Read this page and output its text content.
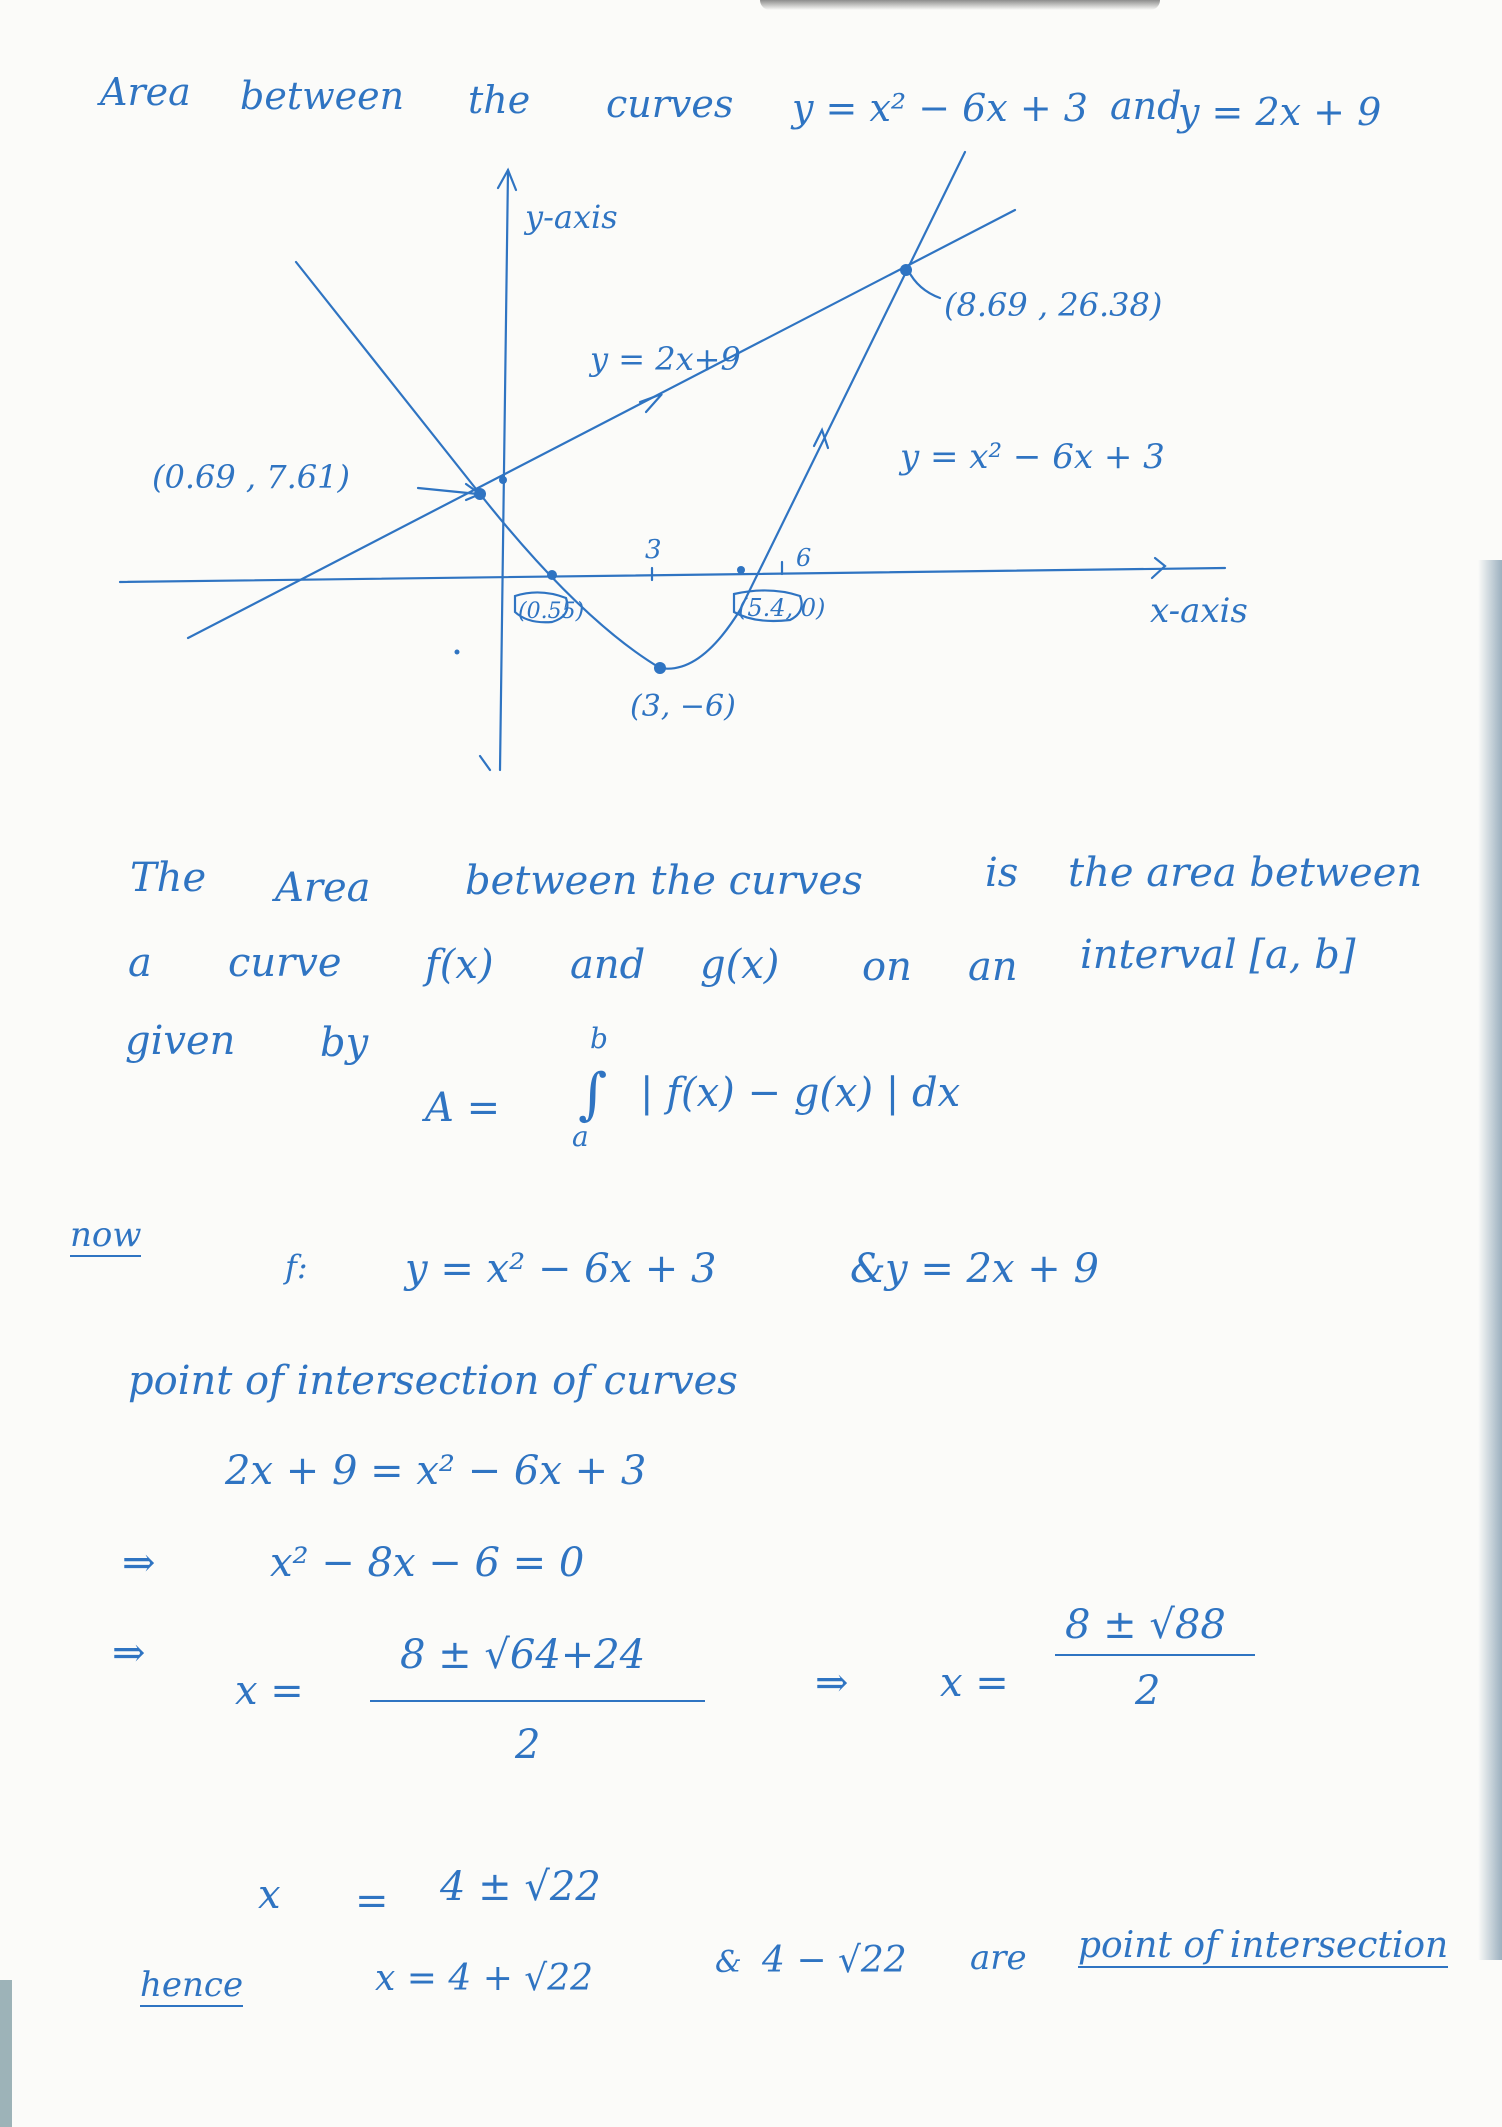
Area between the curves y = x² − 6x + 3 and
y = 2x + 9
y-axis
x-axis
y = 2x+9
y = x² − 6x + 3
(8.69 , 26.38)
(0.69 , 7.61)
(3, −6)
(0.55)	(5.4, 0)
3	6
The Area between the curves	is the area between
a curve f(x) and g(x) on an interval [a, b]
given by
A =
b
∫
a
| f(x) − g(x) | dx
now
f: y = x² − 6x + 3	& y = 2x + 9
point of intersection of curves
2x + 9 = x² − 6x + 3
⇒	x² − 8x − 6 = 0
⇒
x =
8 ± √64+24
2
⇒ x =
8 ± √88
2
x = 4 ± √22
hence	x = 4 + √22	& 4 − √22 are point of intersection
